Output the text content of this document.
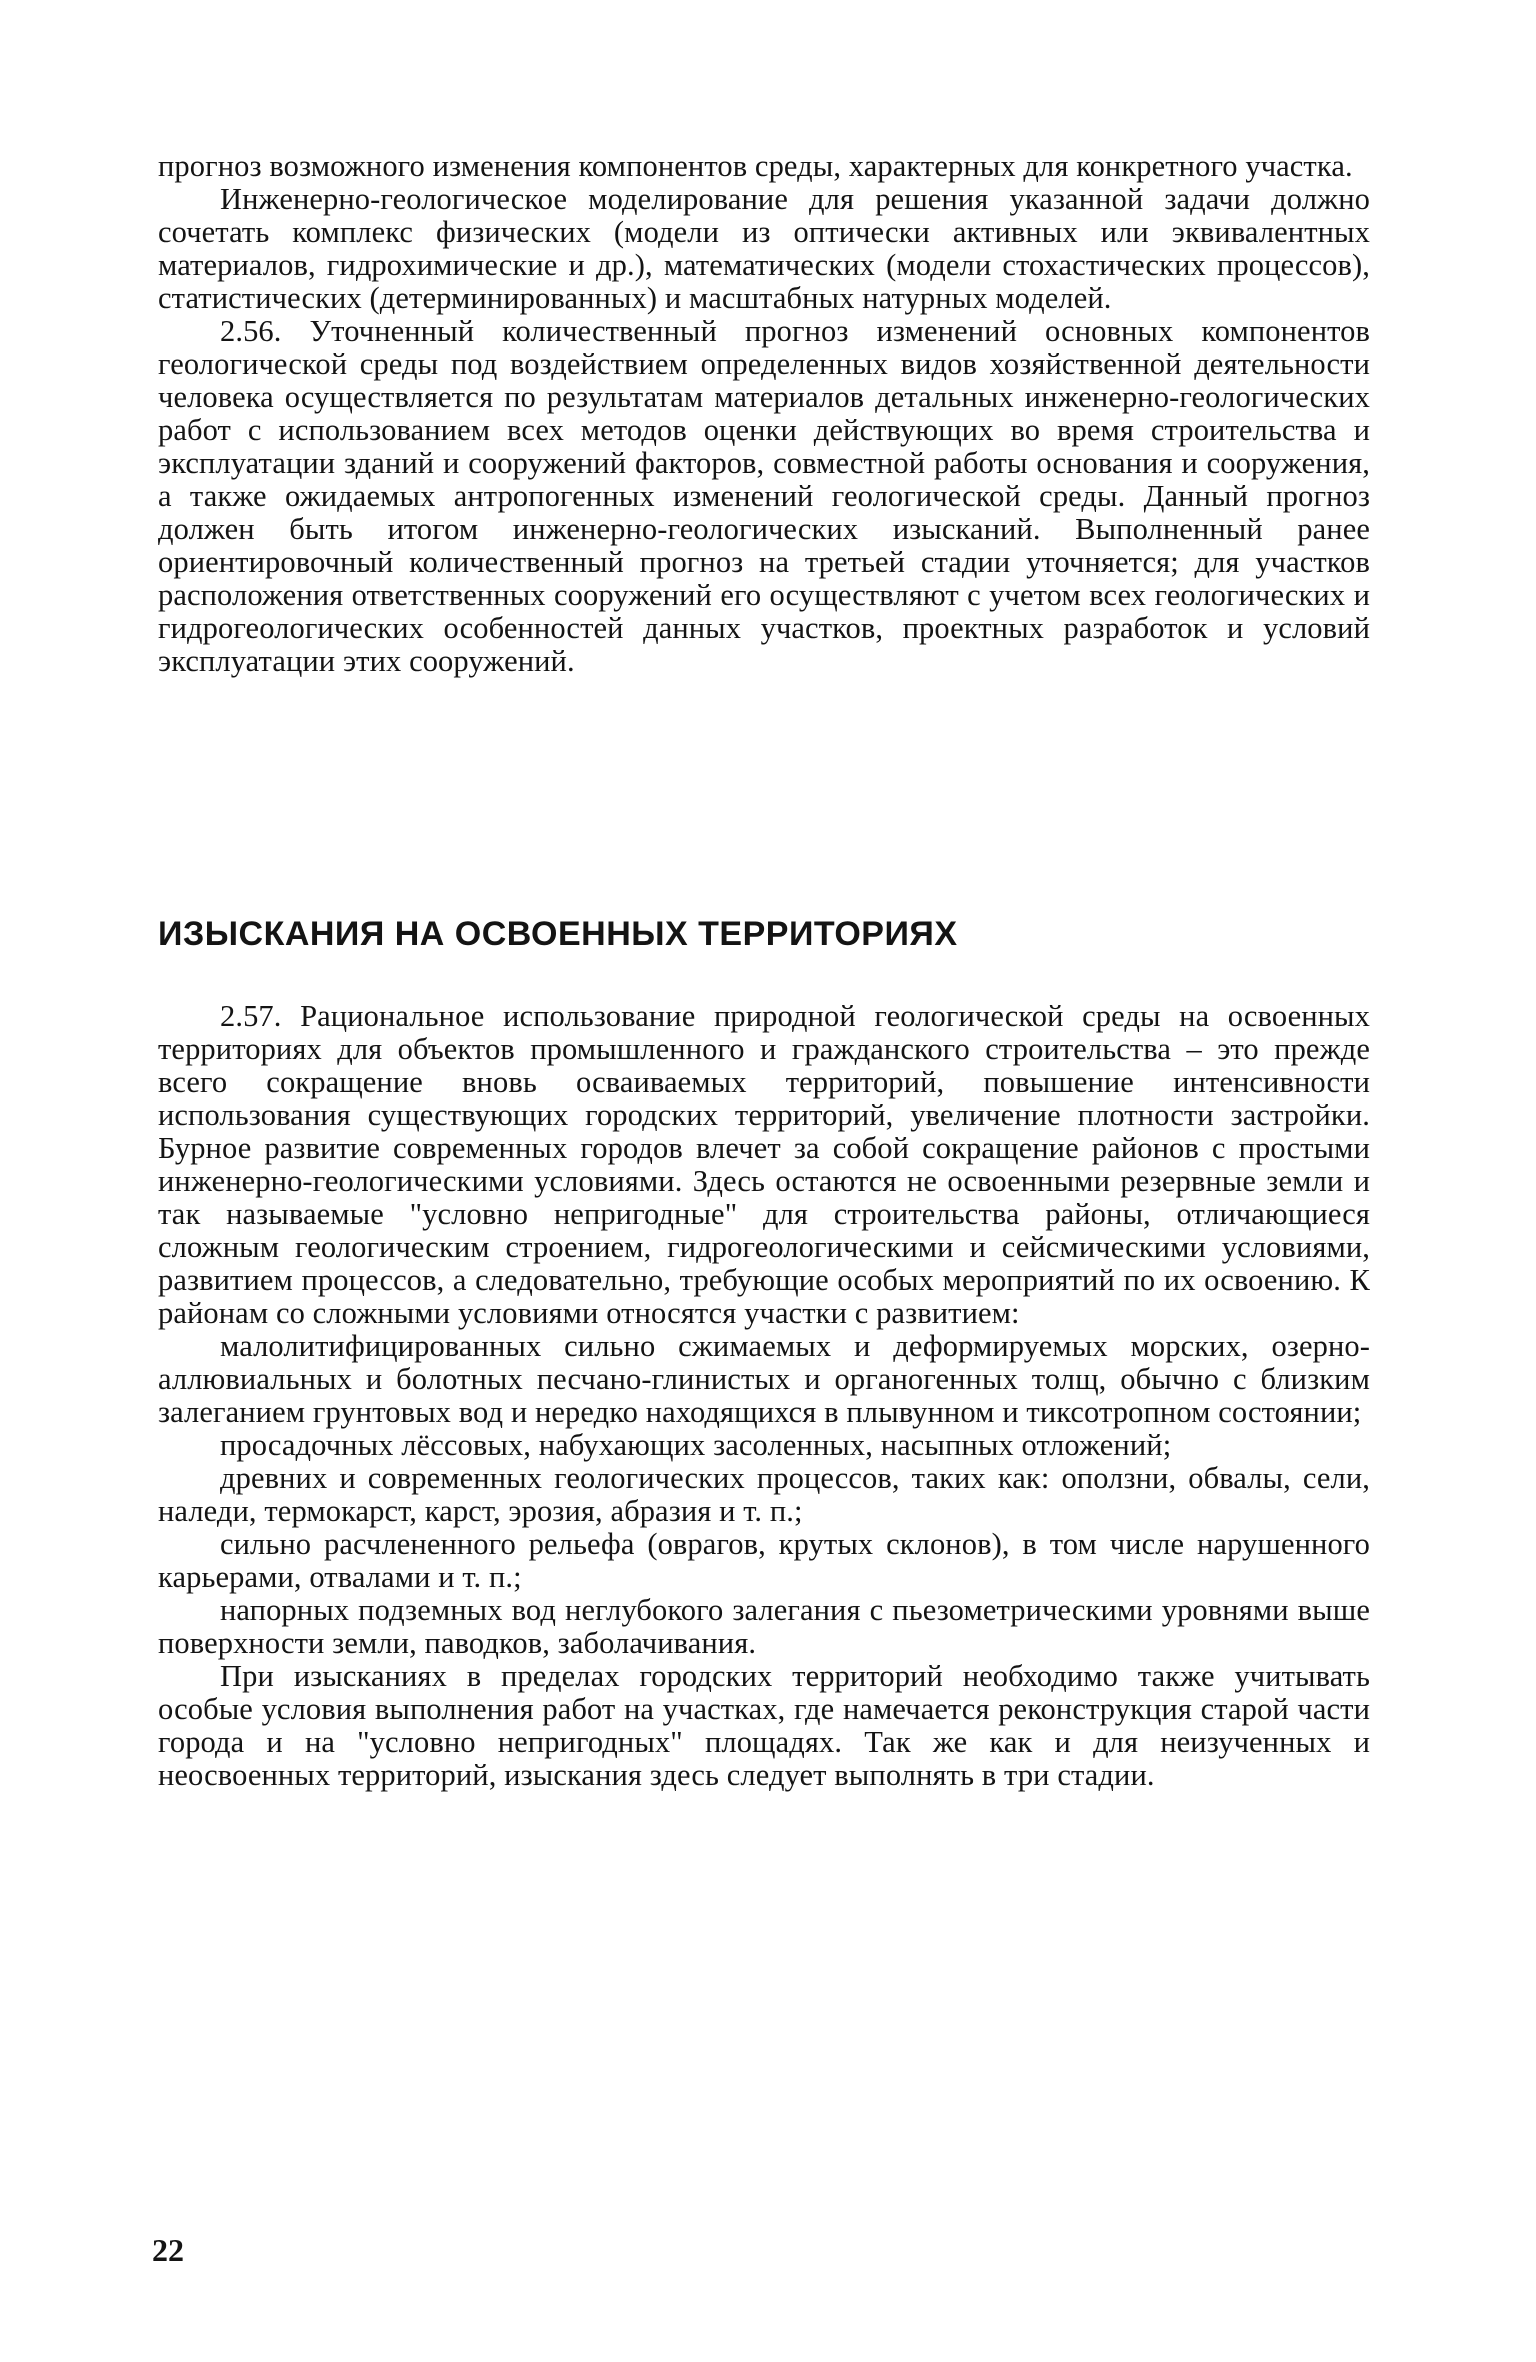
прогноз возможного изменения компонентов среды, характерных для конкретного участка.

Инженерно-геологическое моделирование для решения указанной задачи должно сочетать комплекс физических (модели из оптически активных или эквивалентных материалов, гидрохимические и др.), математических (модели стохастических процессов), статистических (детерминированных) и масштабных натурных моделей.

2.56. Уточненный количественный прогноз изменений основных компонентов геологической среды под воздействием определенных видов хозяйственной деятельности человека осуществляется по результатам материалов детальных инженерно-геологических работ с использованием всех методов оценки действующих во время строительства и эксплуатации зданий и сооружений факторов, совместной работы основания и сооружения, а также ожидаемых антропогенных изменений геологической среды. Данный прогноз должен быть итогом инженерно-геологических изысканий. Выполненный ранее ориентировочный количественный прогноз на третьей стадии уточняется; для участков расположения ответственных сооружений его осуществляют с учетом всех геологических и гидрогеологических особенностей данных участков, проектных разработок и условий эксплуатации этих сооружений.

ИЗЫСКАНИЯ НА ОСВОЕННЫХ ТЕРРИТОРИЯХ

2.57. Рациональное использование природной геологической среды на освоенных территориях для объектов промышленного и гражданского строительства – это прежде всего сокращение вновь осваиваемых территорий, повышение интенсивности использования существующих городских территорий, увеличение плотности застройки. Бурное развитие современных городов влечет за собой сокращение районов с простыми инженерно-геологическими условиями. Здесь остаются не освоенными резервные земли и так называемые "условно непригодные" для строительства районы, отличающиеся сложным геологическим строением, гидрогеологическими и сейсмическими условиями, развитием процессов, а следовательно, требующие особых мероприятий по их освоению. К районам со сложными условиями относятся участки с развитием:

малолитифицированных сильно сжимаемых и деформируемых морских, озерно-аллювиальных и болотных песчано-глинистых и органогенных толщ, обычно с близким залеганием грунтовых вод и нередко находящихся в плывунном и тиксотропном состоянии;

просадочных лёссовых, набухающих засоленных, насыпных отложений;

древних и современных геологических процессов, таких как: оползни, обвалы, сели, наледи, термокарст, карст, эрозия, абразия и т. п.;

сильно расчлененного рельефа (оврагов, крутых склонов), в том числе нарушенного карьерами, отвалами и т. п.;

напорных подземных вод неглубокого залегания с пьезометрическими уровнями выше поверхности земли, паводков, заболачивания.

При изысканиях в пределах городских территорий необходимо также учитывать особые условия выполнения работ на участках, где намечается реконструкция старой части города и на "условно непригодных" площадях. Так же как и для неизученных и неосвоенных территорий, изыскания здесь следует выполнять в три стадии.

22
